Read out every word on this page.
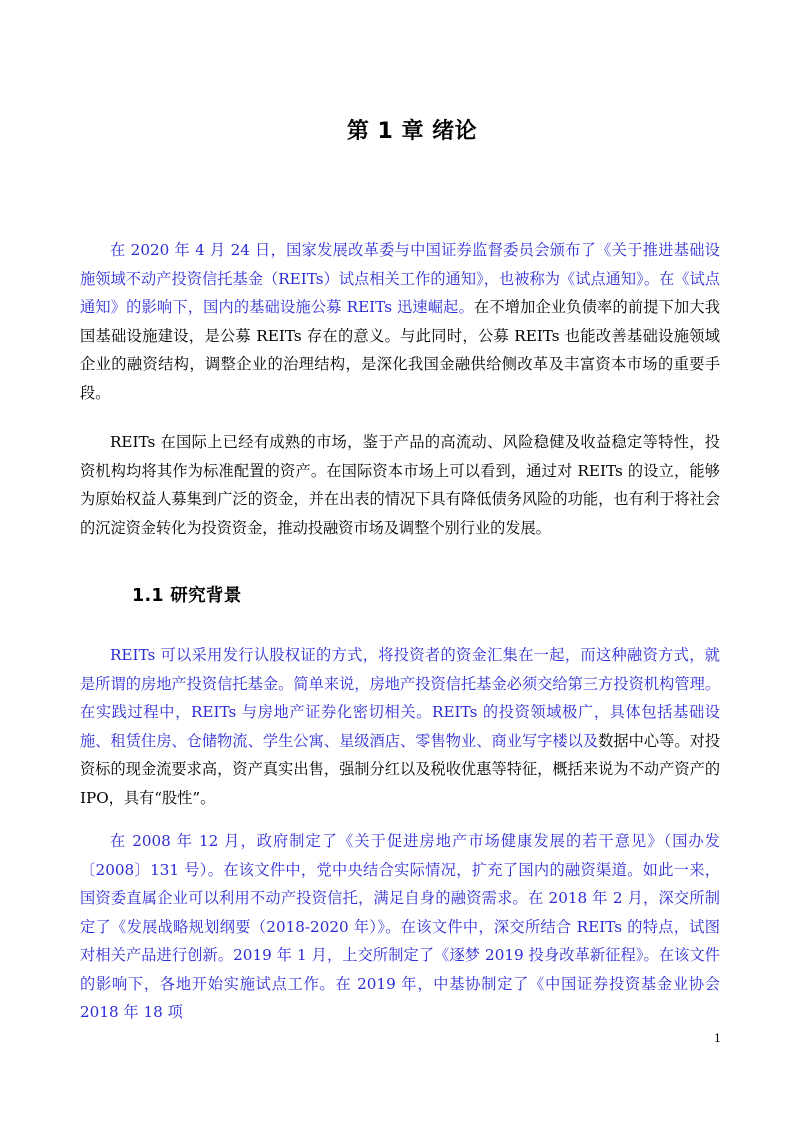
第 1 章 绪论

在 2020 年 4 月 24 日，国家发展改革委与中国证券监督委员会颁布了《关于推进基础设施领域不动产投资信托基金（REITs）试点相关工作的通知》，也被称为《试点通知》。在《试点通知》的影响下，国内的基础设施公募 REITs 迅速崛起。在不增加企业负债率的前提下加大我国基础设施建设，是公募 REITs 存在的意义。与此同时，公募 REITs 也能改善基础设施领域企业的融资结构，调整企业的治理结构，是深化我国金融供给侧改革及丰富资本市场的重要手段。

REITs 在国际上已经有成熟的市场，鉴于产品的高流动、风险稳健及收益稳定等特性，投资机构均将其作为标准配置的资产。在国际资本市场上可以看到，通过对 REITs 的设立，能够为原始权益人募集到广泛的资金，并在出表的情况下具有降低债务风险的功能，也有利于将社会的沉淀资金转化为投资资金，推动投融资市场及调整个别行业的发展。

1.1 研究背景

REITs 可以采用发行认股权证的方式，将投资者的资金汇集在一起，而这种融资方式，就是所谓的房地产投资信托基金。简单来说，房地产投资信托基金必须交给第三方投资机构管理。在实践过程中，REITs 与房地产证券化密切相关。REITs 的投资领域极广，具体包括基础设施、租赁住房、仓储物流、学生公寓、星级酒店、零售物业、商业写字楼以及数据中心等。对投资标的现金流要求高，资产真实出售，强制分红以及税收优惠等特征，概括来说为不动产资产的 IPO，具有“股性”。

在 2008 年 12 月，政府制定了《关于促进房地产市场健康发展的若干意见》（国办发〔2008〕131 号）。在该文件中，党中央结合实际情况，扩充了国内的融资渠道。如此一来，国资委直属企业可以利用不动产投资信托，满足自身的融资需求。在 2018 年 2 月，深交所制定了《发展战略规划纲要（2018-2020 年）》。在该文件中，深交所结合 REITs 的特点，试图对相关产品进行创新。2019 年 1 月，上交所制定了《逐梦 2019 投身改革新征程》。在该文件的影响下，各地开始实施试点工作。在 2019 年，中基协制定了《中国证券投资基金业协会 2018 年 18 项

1
